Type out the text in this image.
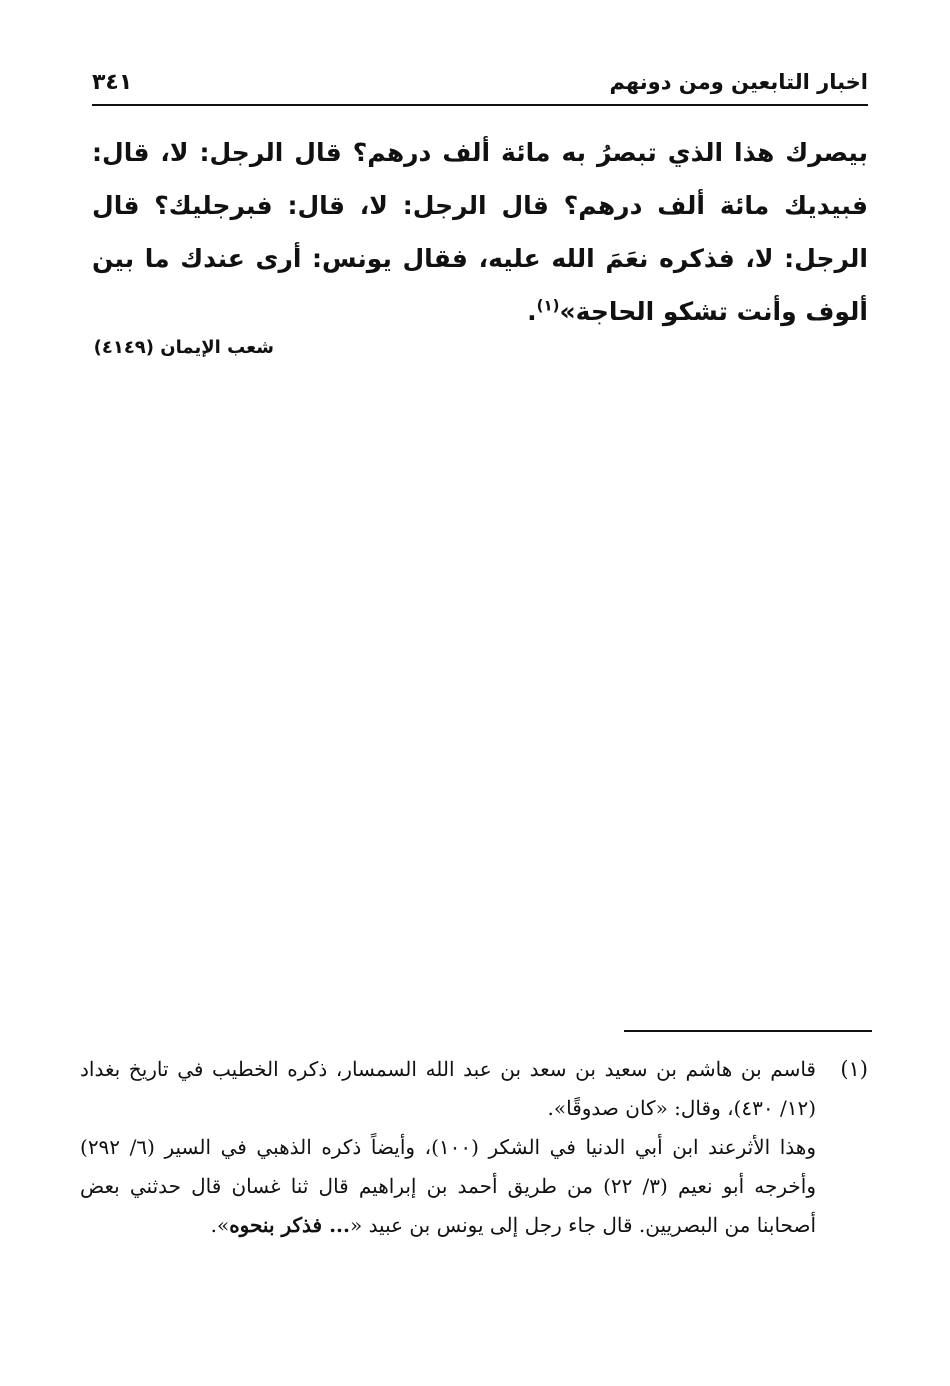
اخبار التابعين ومن دونهم
٣٤١
بيصرك هذا الذي تبصرُ به مائة ألف درهم؟ قال الرجل: لا، قال: فبيديك مائة ألف درهم؟ قال الرجل: لا، قال: فبرجليك؟ قال الرجل: لا، فذكره نعَمَ الله عليه، فقال يونس: أرى عندك ما بين ألوف وأنت تشكو الحاجة»$^{(١)}$.
شعب الإيمان (٤١٤٩)
(١)

قاسم بن هاشم بن سعيد بن سعد بن عبد الله السمسار، ذكره الخطيب في تاريخ بغداد (١٢/ ٤٣٠)، وقال: «كان صدوقًا».

وهذا الأثرعند ابن أبي الدنيا في الشكر (١٠٠)، وأيضاً ذكره الذهبي في السير (٦/ ٢٩٢) وأخرجه أبو نعيم (٣/ ٢٢) من طريق أحمد بن إبراهيم قال ثنا غسان قال حدثني بعض أصحابنا من البصريين. قال جاء رجل إلى يونس بن عبيد «... فذكر بنحوه».
